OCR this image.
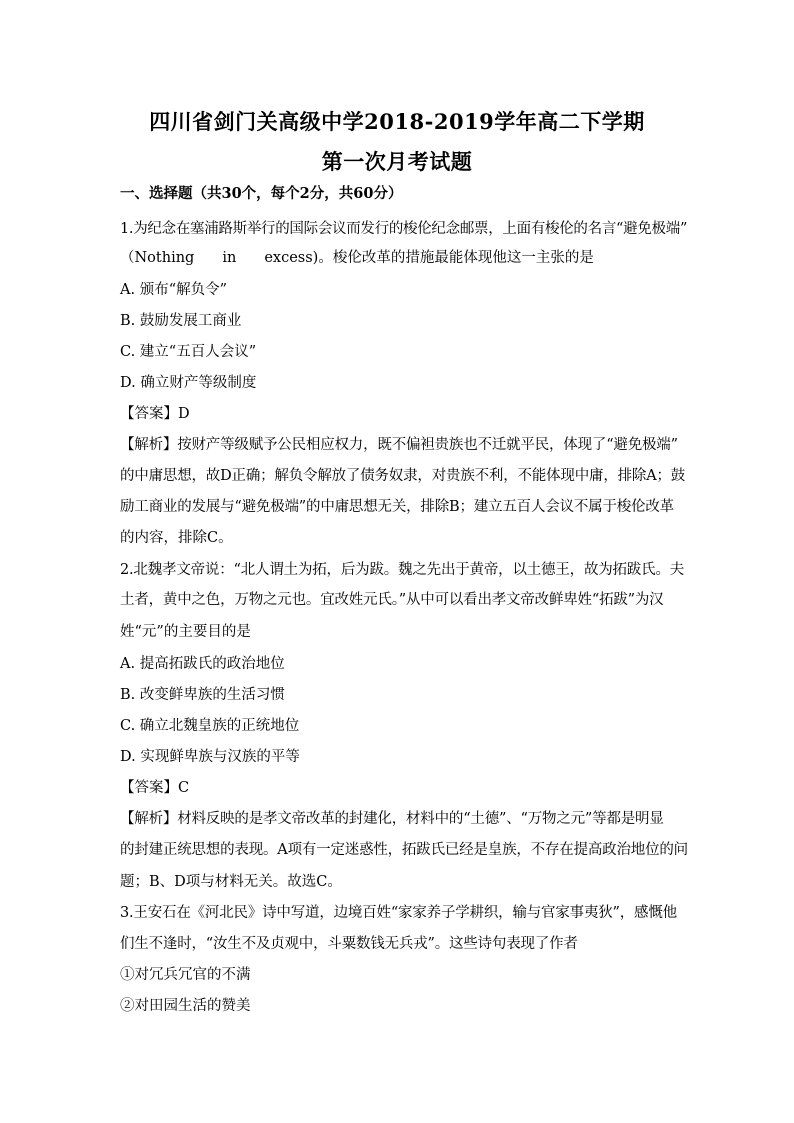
四川省剑门关高级中学2018-2019学年高二下学期
第一次月考试题
一、选择题（共30个，每个2分，共60分）
1.为纪念在塞浦路斯举行的国际会议而发行的梭伦纪念邮票，上面有梭伦的名言“避免极端”
（Nothing in excess)。梭伦改革的措施最能体现他这一主张的是
A. 颁布“解负令”
B. 鼓励发展工商业
C. 建立“五百人会议”
D. 确立财产等级制度
【答案】D
【解析】按财产等级赋予公民相应权力，既不偏袒贵族也不迁就平民，体现了“避免极端”
的中庸思想，故D正确；解负令解放了债务奴隶，对贵族不利，不能体现中庸，排除A；鼓
励工商业的发展与“避免极端”的中庸思想无关，排除B；建立五百人会议不属于梭伦改革
的内容，排除C。
2.北魏孝文帝说：“北人谓土为拓，后为跋。魏之先出于黄帝，以土德王，故为拓跋氏。夫
土者，黄中之色，万物之元也。宜改姓元氏。”从中可以看出孝文帝改鲜卑姓“拓跋”为汉
姓“元”的主要目的是
A. 提高拓跋氏的政治地位
B. 改变鲜卑族的生活习惯
C. 确立北魏皇族的正统地位
D. 实现鲜卑族与汉族的平等
【答案】C
【解析】材料反映的是孝文帝改革的封建化，材料中的“土德”、“万物之元”等都是明显
的封建正统思想的表现。A项有一定迷惑性，拓跋氏已经是皇族，不存在提高政治地位的问
题；B、D项与材料无关。故选C。
3.王安石在《河北民》诗中写道，边境百姓“家家养子学耕织，输与官家事夷狄”，感慨他
们生不逢时，“汝生不及贞观中，斗粟数钱无兵戎”。这些诗句表现了作者
①对冗兵冗官的不满
②对田园生活的赞美
